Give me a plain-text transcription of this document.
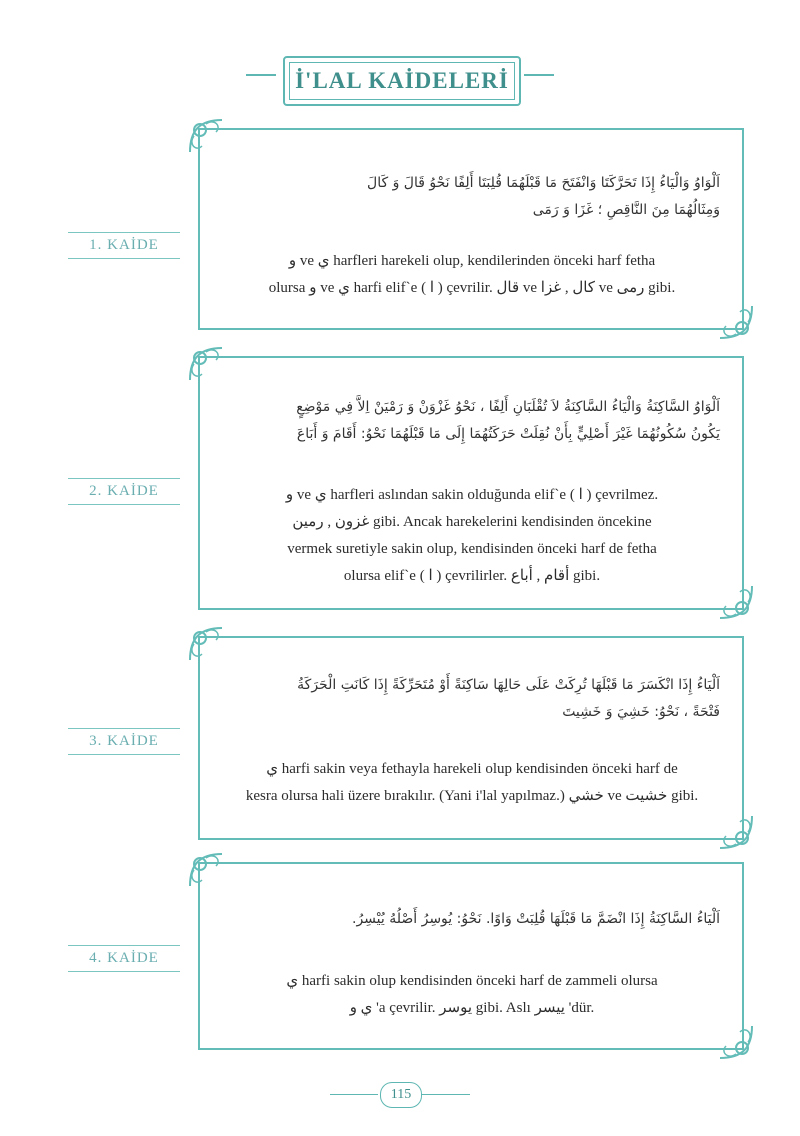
İ'LAL KAİDELERİ
1. KAİDE
اَلْوَاوُ وَالْيَاءُ إِذَا تَحَرَّكَتَا وَانْفَتَحَ مَا قَبْلَهُمَا قُلِبَتَا أَلِفًا نَحْوُ قَالَ وَ كَالَ
وَمِثَالُهُمَا مِنَ النَّاقِصِ ؛ غَزَا وَ رَمَى
و ve ي harfleri harekeli olup, kendilerinden önceki harf fetha
olursa و ve ي harfi elif`e ( ا ) çevrilir. قال ve كال , غزا ve رمى gibi.
2. KAİDE
اَلْوَاوُ السَّاكِنَةُ وَالْيَاءُ السَّاكِنَةُ لاَ تُقْلَبَانِ أَلِفًا ، نَحْوُ غَزْوَنْ وَ رَمْيَنْ اِلاَّ فِي مَوْضِعٍ
يَكُونُ سُكُونُهُمَا غَيْرَ أَصْلِيٍّ بِأَنْ نُقِلَتْ حَرَكَتُهُمَا إِلَى مَا قَبْلَهُمَا نَحْوُ: أَقَامَ وَ أَبَاعَ
و ve ي harfleri aslından sakin olduğunda elif`e ( ا ) çevrilmez.
غزون , رمين gibi. Ancak harekelerini kendisinden öncekine
vermek suretiyle sakin olup, kendisinden önceki harf de fetha
olursa elif`e ( ا ) çevrilirler. أقام , أباع gibi.
3. KAİDE
اَلْيَاءُ إِذَا انْكَسَرَ مَا قَبْلَهَا تُرِكَتْ عَلَى حَالِهَا سَاكِنَةً أَوْ مُتَحَرِّكَةً إِذَا كَانَتِ الْحَرَكَةُ
فَتْحَةً ، نَحْوُ: خَشِيَ وَ خَشِيتَ
ي harfi sakin veya fethayla harekeli olup kendisinden önceki harf de
kesra olursa hali üzere bırakılır. (Yani i'lal yapılmaz.) خشي ve خشيت gibi.
4. KAİDE
اَلْيَاءُ السَّاكِنَةُ إِذَا انْضَمَّ مَا قَبْلَهَا قُلِبَتْ وَاوًا. نَحْوُ: يُوسِرُ أَصْلُهُ يُيْسِرُ.
ي harfi sakin olup kendisinden önceki harf de zammeli olursa
ي و 'a çevrilir. يوسر gibi. Aslı ييسر 'dür.
115
